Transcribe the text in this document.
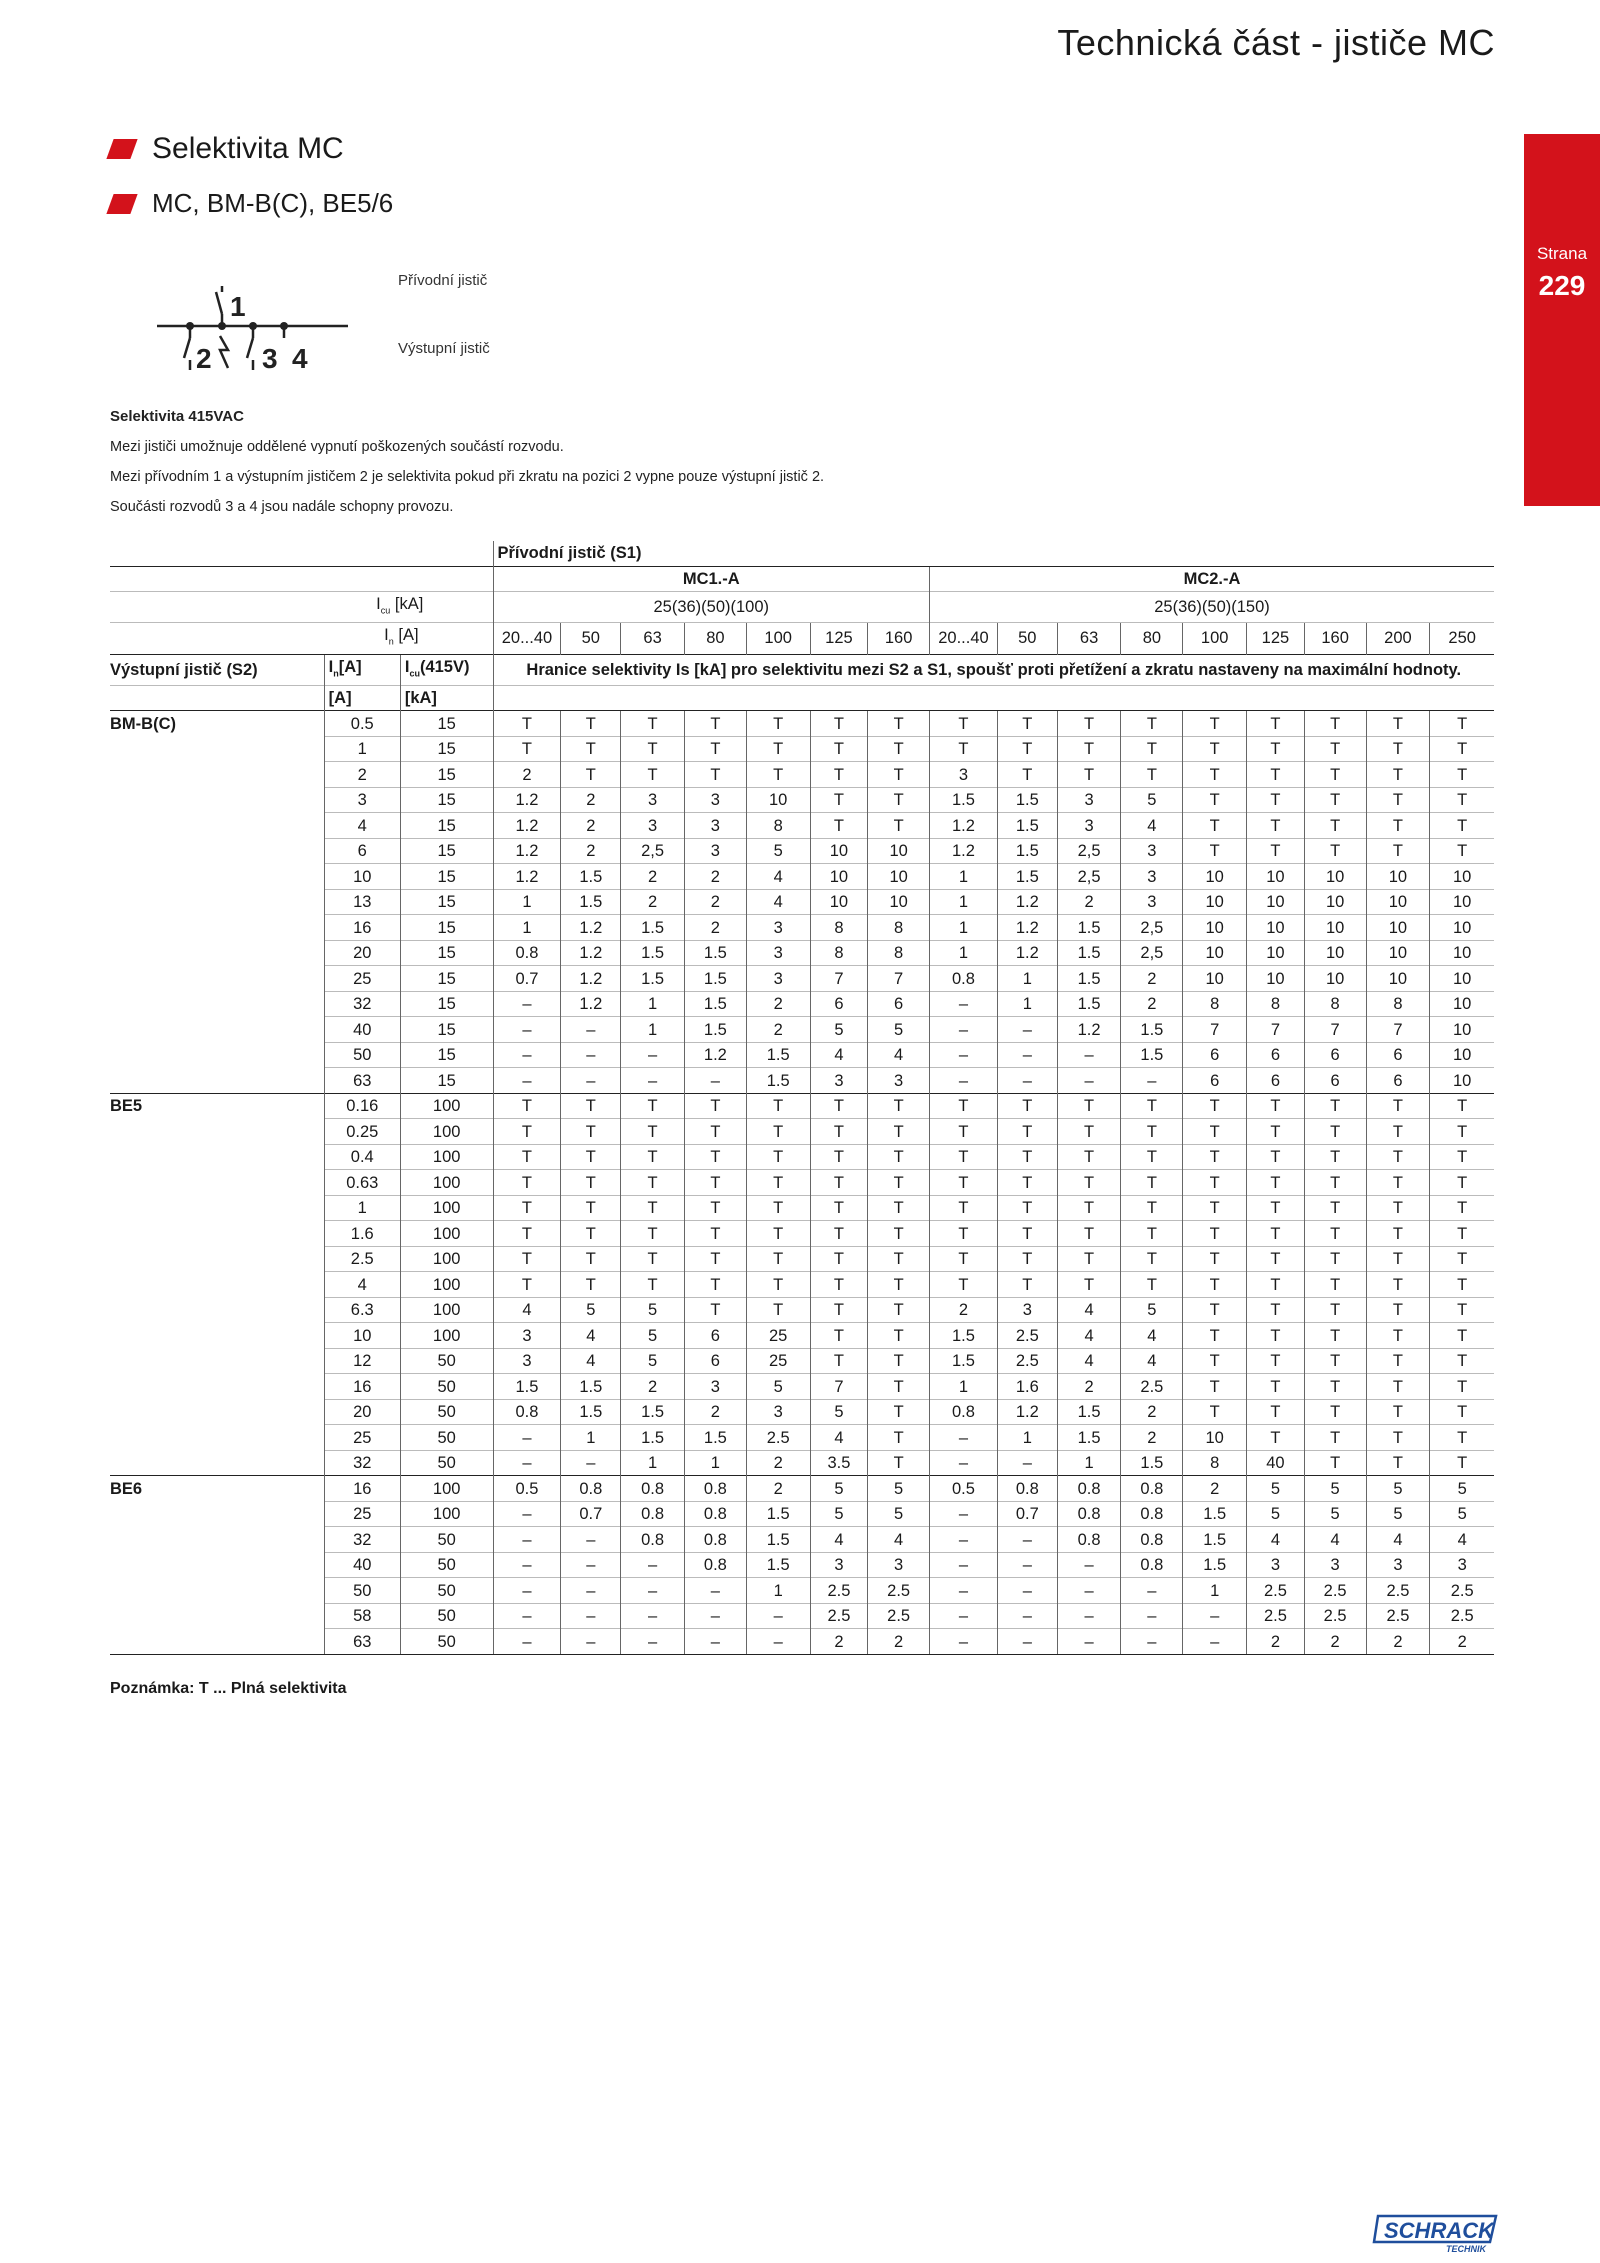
Technická část - jističe MC
Strana
229
Selektivita MC
MC, BM-B(C), BE5/6
1
2 3 4
Přívodní jistič
Výstupní jistič
Selektivita 415VAC
Mezi jističi umožnuje oddělené vypnutí poškozených součástí rozvodu.
Mezi přívodním 1 a výstupním jističem 2 je selektivita pokud při zkratu na pozici 2 vypne pouze výstupní jistič 2.
Součásti rozvodů 3 a 4 jsou nadále schopny provozu.
			Přívodní jistič (S1)															
			MC1.-A							MC2.-A								
	$I_{cu}$ [kA]		25(36)(50)(100)							25(36)(50)(150)								
	$I_n$ [A]		20...40	50	63	80	100	125	160	20...40	50	63	80	100	125	160	200	250
Výstupní jistič (S2)	$I_n[A]$	$I_{cu}(415V)$	Hranice selektivity Is [kA] pro selektivitu mezi S2 a S1, spoušť proti přetížení a zkratu nastaveny na maximální hodnoty.															
	[A]	[kA]																
BM-B(C)	0.5	15	T	T	T	T	T	T	T	T	T	T	T	T	T	T	T	T
	1	15	T	T	T	T	T	T	T	T	T	T	T	T	T	T	T	T
	2	15	2	T	T	T	T	T	T	3	T	T	T	T	T	T	T	T
	3	15	1.2	2	3	3	10	T	T	1.5	1.5	3	5	T	T	T	T	T
	4	15	1.2	2	3	3	8	T	T	1.2	1.5	3	4	T	T	T	T	T
	6	15	1.2	2	2,5	3	5	10	10	1.2	1.5	2,5	3	T	T	T	T	T
	10	15	1.2	1.5	2	2	4	10	10	1	1.5	2,5	3	10	10	10	10	10
	13	15	1	1.5	2	2	4	10	10	1	1.2	2	3	10	10	10	10	10
	16	15	1	1.2	1.5	2	3	8	8	1	1.2	1.5	2,5	10	10	10	10	10
	20	15	0.8	1.2	1.5	1.5	3	8	8	1	1.2	1.5	2,5	10	10	10	10	10
	25	15	0.7	1.2	1.5	1.5	3	7	7	0.8	1	1.5	2	10	10	10	10	10
	32	15	–	1.2	1	1.5	2	6	6	–	1	1.5	2	8	8	8	8	10
	40	15	–	–	1	1.5	2	5	5	–	–	1.2	1.5	7	7	7	7	10
	50	15	–	–	–	1.2	1.5	4	4	–	–	–	1.5	6	6	6	6	10
	63	15	–	–	–	–	1.5	3	3	–	–	–	–	6	6	6	6	10
BE5	0.16	100	T	T	T	T	T	T	T	T	T	T	T	T	T	T	T	T
	0.25	100	T	T	T	T	T	T	T	T	T	T	T	T	T	T	T	T
	0.4	100	T	T	T	T	T	T	T	T	T	T	T	T	T	T	T	T
	0.63	100	T	T	T	T	T	T	T	T	T	T	T	T	T	T	T	T
	1	100	T	T	T	T	T	T	T	T	T	T	T	T	T	T	T	T
	1.6	100	T	T	T	T	T	T	T	T	T	T	T	T	T	T	T	T
	2.5	100	T	T	T	T	T	T	T	T	T	T	T	T	T	T	T	T
	4	100	T	T	T	T	T	T	T	T	T	T	T	T	T	T	T	T
	6.3	100	4	5	5	T	T	T	T	2	3	4	5	T	T	T	T	T
	10	100	3	4	5	6	25	T	T	1.5	2.5	4	4	T	T	T	T	T
	12	50	3	4	5	6	25	T	T	1.5	2.5	4	4	T	T	T	T	T
	16	50	1.5	1.5	2	3	5	7	T	1	1.6	2	2.5	T	T	T	T	T
	20	50	0.8	1.5	1.5	2	3	5	T	0.8	1.2	1.5	2	T	T	T	T	T
	25	50	–	1	1.5	1.5	2.5	4	T	–	1	1.5	2	10	T	T	T	T
	32	50	–	–	1	1	2	3.5	T	–	–	1	1.5	8	40	T	T	T
BE6	16	100	0.5	0.8	0.8	0.8	2	5	5	0.5	0.8	0.8	0.8	2	5	5	5	5
	25	100	–	0.7	0.8	0.8	1.5	5	5	–	0.7	0.8	0.8	1.5	5	5	5	5
	32	50	–	–	0.8	0.8	1.5	4	4	–	–	0.8	0.8	1.5	4	4	4	4
	40	50	–	–	–	0.8	1.5	3	3	–	–	–	0.8	1.5	3	3	3	3
	50	50	–	–	–	–	1	2.5	2.5	–	–	–	–	1	2.5	2.5	2.5	2.5
	58	50	–	–	–	–	–	2.5	2.5	–	–	–	–	–	2.5	2.5	2.5	2.5
	63	50	–	–	–	–	–	2	2	–	–	–	–	–	2	2	2	2
Poznámka: T ... Plná selektivita
SCHRACK
TECHNIK
